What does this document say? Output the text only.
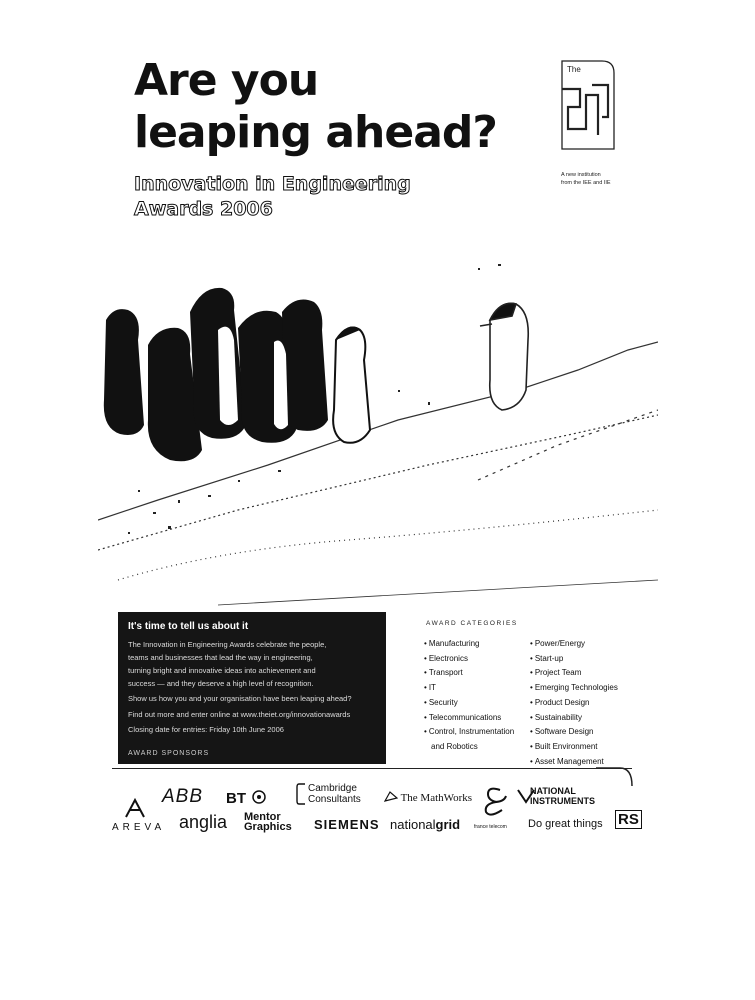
Are you
leaping ahead?
Innovation in Engineering
Awards 2006
The
A new institution
from the IEE and IIE
It's time to tell us about it
The Innovation in Engineering Awards celebrate the people,
teams and businesses that lead the way in engineering,
turning bright and innovative ideas into achievement and
success — and they deserve a high level of recognition.
Show us how you and your organisation have been leaping ahead?
Find out more and enter online at www.theiet.org/innovationawards
Closing date for entries: Friday 10th June 2006
AWARD SPONSORS
AWARD CATEGORIES
• Manufacturing
• Electronics
• Transport
• IT
• Security
• Telecommunications
• Control, Instrumentation
and Robotics
• Power/Energy
• Start-up
• Project Team
• Emerging Technologies
• Product Design
• Sustainability
• Software Design
• Built Environment
• Asset Management
ABB BT
Cambridge
Consultants	The MathWorks
NATIONAL
INSTRUMENTS
AREVA anglia Mentor
Graphics SIEMENS nationalgrid	france telecom Do great things RS
